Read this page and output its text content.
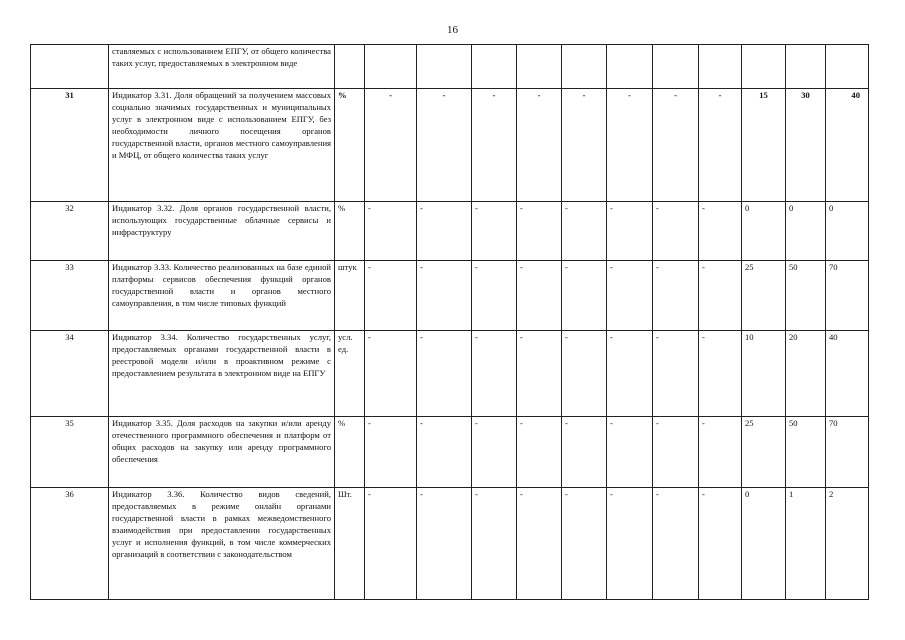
16
	ставляемых с использованием ЕПГУ, от общего количества таких услуг, предоставляемых в электронном виде												
31	Индикатор 3.31. Доля обращений за получением массовых социально значимых государственных и муниципальных услуг в электронном виде с использованием ЕПГУ, без необходимости личного посещения органов государственной власти, органов местного самоуправления и МФЦ, от общего количества таких услуг	%	-	-	-	-	-	-	-	-	15	30	40
32	Индикатор 3.32. Доля органов государственной власти, использующих государственные облачные сервисы и инфраструктуру	%	-	-	-	-	-	-	-	-	0	0	0
33	Индикатор 3.33. Количество реализованных на базе единой платформы сервисов обеспечения функций органов государственной власти и органов местного самоуправления, в том числе типовых функций	штук	-	-	-	-	-	-	-	-	25	50	70
34	Индикатор 3.34. Количество государственных услуг, предоставляемых органами государственной власти в реестровой модели и/или в проактивном режиме с предоставлением результата в электронном виде на ЕПГУ	усл. ед.	-	-	-	-	-	-	-	-	10	20	40
35	Индикатор 3.35. Доля расходов на закупки и/или аренду отечественного программного обеспечения и платформ от общих расходов на закупку или аренду программного обеспечения	%	-	-	-	-	-	-	-	-	25	50	70
36	Индикатор 3.36. Количество видов сведений, предоставляемых в режиме онлайн органами государственной власти в рамках межведомственного взаимодействия при предоставлении государственных услуг и исполнения функций, в том числе коммерческих организаций в соответствии с законодательством	Шт.	-	-	-	-	-	-	-	-	0	1	2
